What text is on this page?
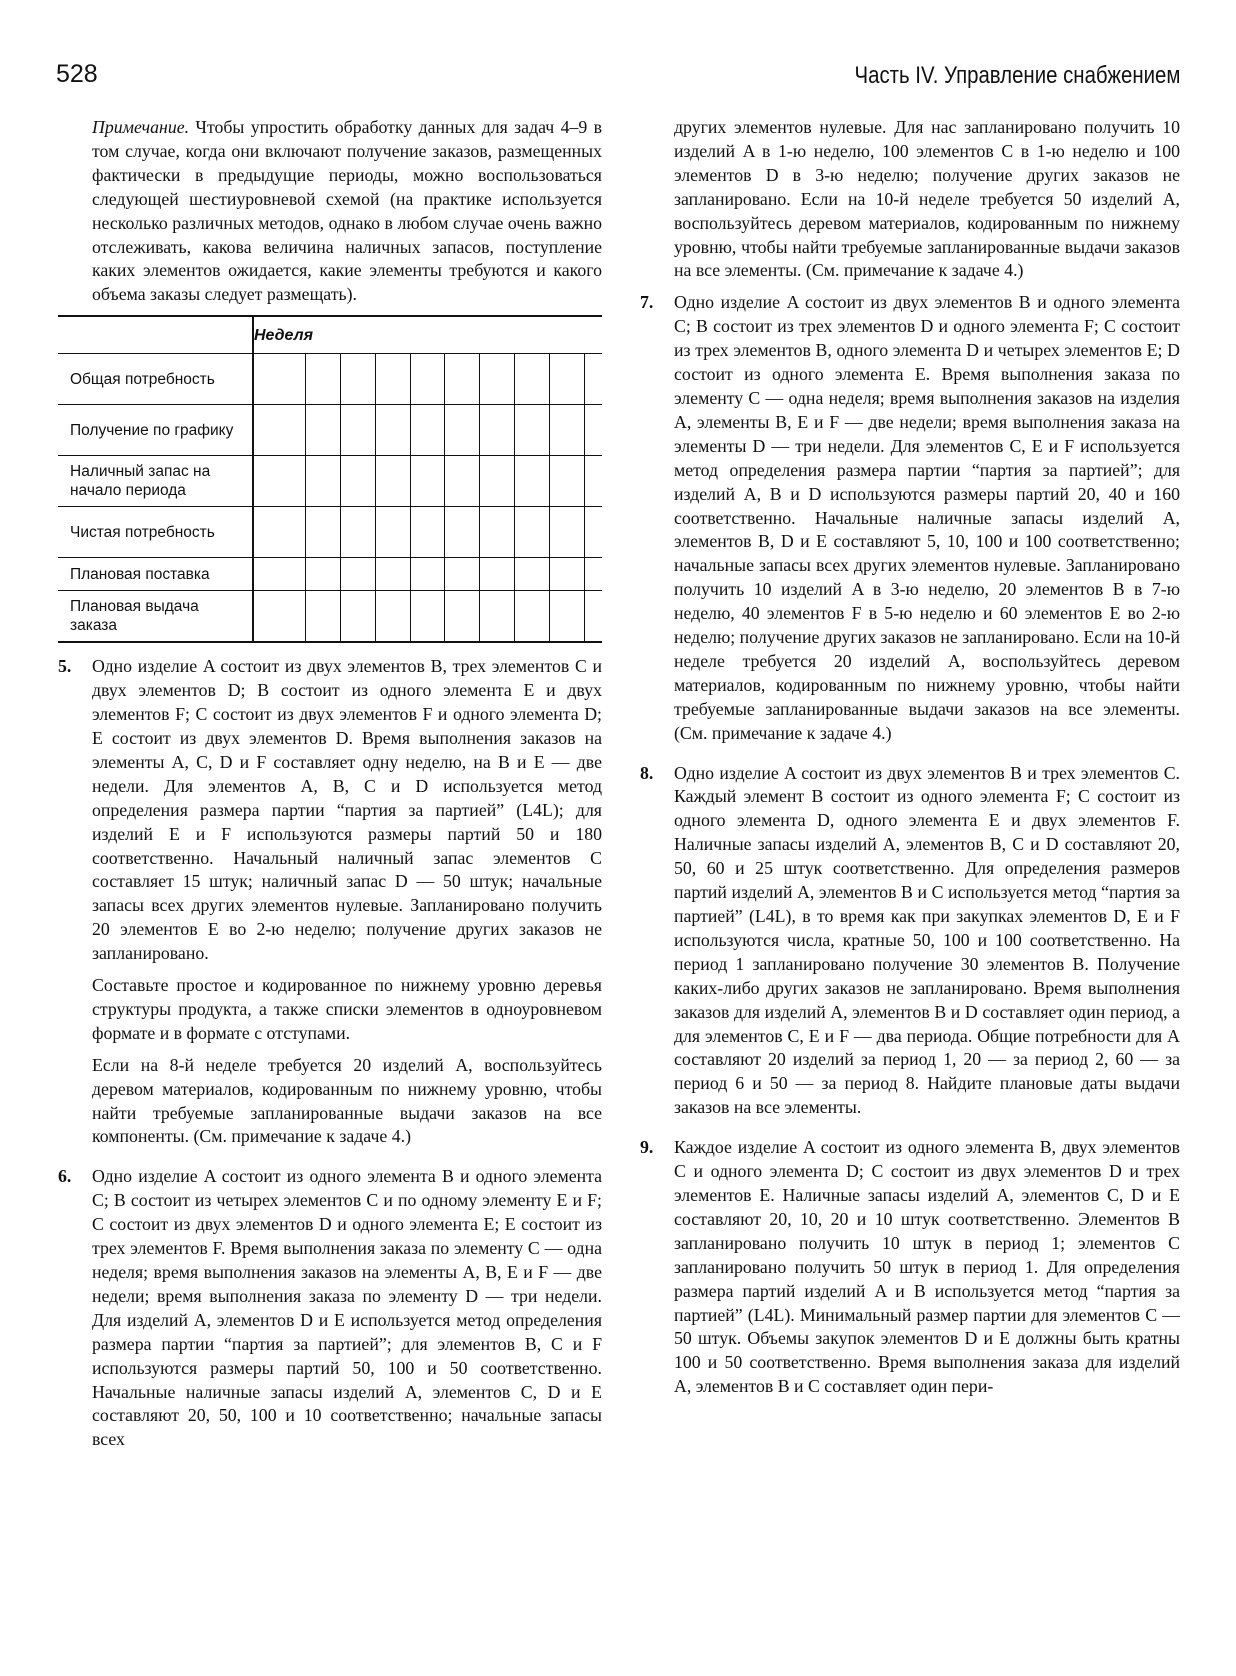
528	Часть IV. Управление снабжением

Примечание. Чтобы упростить обработку данных для задач 4–9 в том случае, когда они включают получение заказов, размещенных фактически в предыдущие периоды, можно воспользоваться следующей шестиуровневой схемой (на практике используется несколько различных методов, однако в любом случае очень важно отслеживать, какова величина наличных запасов, поступление каких элементов ожидается, какие элементы требуются и какого объема заказы следует размещать).

	Неделя									
Общая потребность										
Получение по графику										
Наличный запас на начало периода										
Чистая потребность										
Плановая поставка										
Плановая выдача заказа										
5.	Одно изделие A состоит из двух элементов B, трех элементов C и двух элементов D; B состоит из одного элемента E и двух элементов F; C состоит из двух элементов F и одного элемента D; E состоит из двух элементов D. Время выполнения заказов на элементы A, C, D и F составляет одну неделю, на B и E — две недели. Для элементов A, B, C и D используется метод определения размера партии “партия за партией” (L4L); для изделий E и F используются размеры партий 50 и 180 соответственно. Начальный наличный запас элементов C составляет 15 штук; наличный запас D — 50 штук; начальные запасы всех других элементов нулевые. Запланировано получить 20 элементов E во 2-ю неделю; получение других заказов не запланировано.

Составьте простое и кодированное по нижнему уровню деревья структуры продукта, а также списки элементов в одноуровневом формате и в формате с отступами.

Если на 8-й неделе требуется 20 изделий A, воспользуйтесь деревом материалов, кодированным по нижнему уровню, чтобы найти требуемые запланированные выдачи заказов на все компоненты. (См. примечание к задаче 4.)

6.	Одно изделие A состоит из одного элемента B и одного элемента C; B состоит из четырех элементов C и по одному элементу E и F; C состоит из двух элементов D и одного элемента E; E состоит из трех элементов F. Время выполнения заказа по элементу C — одна неделя; время выполнения заказов на элементы A, B, E и F — две недели; время выполнения заказа по элементу D — три недели. Для изделий A, элементов D и E используется метод определения размера партии “партия за партией”; для элементов B, C и F используются размеры партий 50, 100 и 50 соответственно. Начальные наличные запасы изделий A, элементов C, D и E составляют 20, 50, 100 и 10 соответственно; начальные запасы всех

других элементов нулевые. Для нас запланировано получить 10 изделий A в 1-ю неделю, 100 элементов C в 1-ю неделю и 100 элементов D в 3-ю неделю; получение других заказов не запланировано. Если на 10-й неделе требуется 50 изделий A, воспользуйтесь деревом материалов, кодированным по нижнему уровню, чтобы найти требуемые запланированные выдачи заказов на все элементы. (См. примечание к задаче 4.)

7.	Одно изделие A состоит из двух элементов B и одного элемента C; B состоит из трех элементов D и одного элемента F; C состоит из трех элементов B, одного элемента D и четырех элементов E; D состоит из одного элемента E. Время выполнения заказа по элементу C — одна неделя; время выполнения заказов на изделия A, элементы B, E и F — две недели; время выполнения заказа на элементы D — три недели. Для элементов C, E и F используется метод определения размера партии “партия за партией”; для изделий A, B и D используются размеры партий 20, 40 и 160 соответственно. Начальные наличные запасы изделий A, элементов B, D и E составляют 5, 10, 100 и 100 соответственно; начальные запасы всех других элементов нулевые. Запланировано получить 10 изделий A в 3-ю неделю, 20 элементов B в 7-ю неделю, 40 элементов F в 5-ю неделю и 60 элементов E во 2-ю неделю; получение других заказов не запланировано. Если на 10-й неделе требуется 20 изделий A, воспользуйтесь деревом материалов, кодированным по нижнему уровню, чтобы найти требуемые запланированные выдачи заказов на все элементы. (См. примечание к задаче 4.)

8.	Одно изделие A состоит из двух элементов B и трех элементов C. Каждый элемент B состоит из одного элемента F; C состоит из одного элемента D, одного элемента E и двух элементов F. Наличные запасы изделий A, элементов B, C и D составляют 20, 50, 60 и 25 штук соответственно. Для определения размеров партий изделий A, элементов B и C используется метод “партия за партией” (L4L), в то время как при закупках элементов D, E и F используются числа, кратные 50, 100 и 100 соответственно. На период 1 запланировано получение 30 элементов B. Получение каких-либо других заказов не запланировано. Время выполнения заказов для изделий A, элементов B и D составляет один период, а для элементов C, E и F — два периода. Общие потребности для A составляют 20 изделий за период 1, 20 — за период 2, 60 — за период 6 и 50 — за период 8. Найдите плановые даты выдачи заказов на все элементы.

9.	Каждое изделие A состоит из одного элемента B, двух элементов C и одного элемента D; C состоит из двух элементов D и трех элементов E. Наличные запасы изделий A, элементов C, D и E составляют 20, 10, 20 и 10 штук соответственно. Элементов B запланировано получить 10 штук в период 1; элементов C запланировано получить 50 штук в период 1. Для определения размера партий изделий A и B используется метод “партия за партией” (L4L). Минимальный размер партии для элементов C — 50 штук. Объемы закупок элементов D и E должны быть кратны 100 и 50 соответственно. Время выполнения заказа для изделий A, элементов B и C составляет один пери-
